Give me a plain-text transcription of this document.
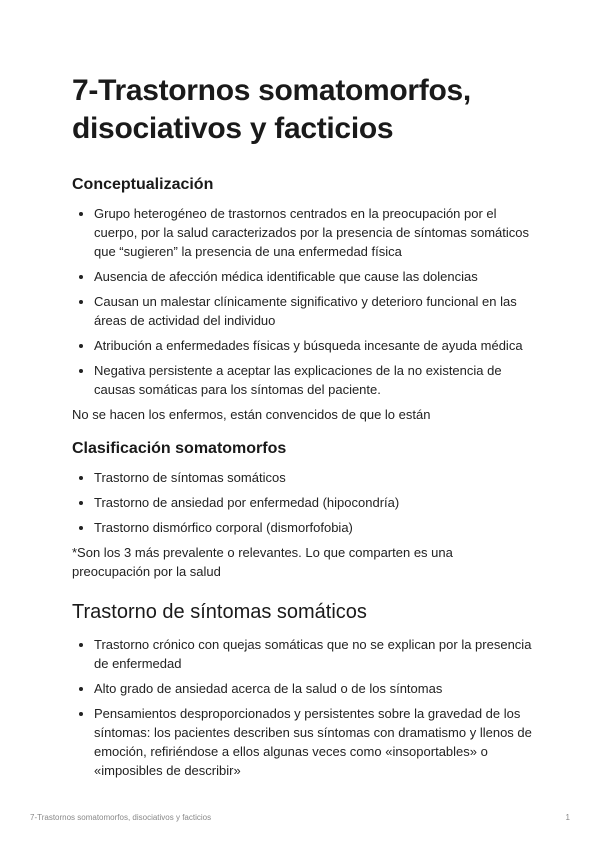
7-Trastornos somatomorfos, disociativos y facticios
Conceptualización
Grupo heterogéneo de trastornos centrados en la preocupación por el cuerpo, por la salud caracterizados por la presencia de síntomas somáticos que “sugieren” la presencia de una enfermedad física
Ausencia de afección médica identificable que cause las dolencias
Causan un malestar clínicamente significativo y deterioro funcional en las áreas de actividad del individuo
Atribución a enfermedades físicas y búsqueda incesante de ayuda médica
Negativa persistente a aceptar las explicaciones de la no existencia de causas somáticas para los síntomas del paciente.

No se hacen los enfermos, están convencidos de que lo están

Clasificación somatomorfos
Trastorno de síntomas somáticos
Trastorno de ansiedad por enfermedad (hipocondría)
Trastorno dismórfico corporal (dismorfofobia)

*Son los 3 más prevalente o relevantes. Lo que comparten es una preocupación por la salud

Trastorno de síntomas somáticos
Trastorno crónico con quejas somáticas que no se explican por la presencia de enfermedad
Alto grado de ansiedad acerca de la salud o de los síntomas
Pensamientos desproporcionados y persistentes sobre la gravedad de los síntomas: los pacientes describen sus síntomas con dramatismo y llenos de emoción, refiriéndose a ellos algunas veces como «insoportables» o «imposibles de describir»
7-Trastornos somatomorfos, disociativos y facticios	1
